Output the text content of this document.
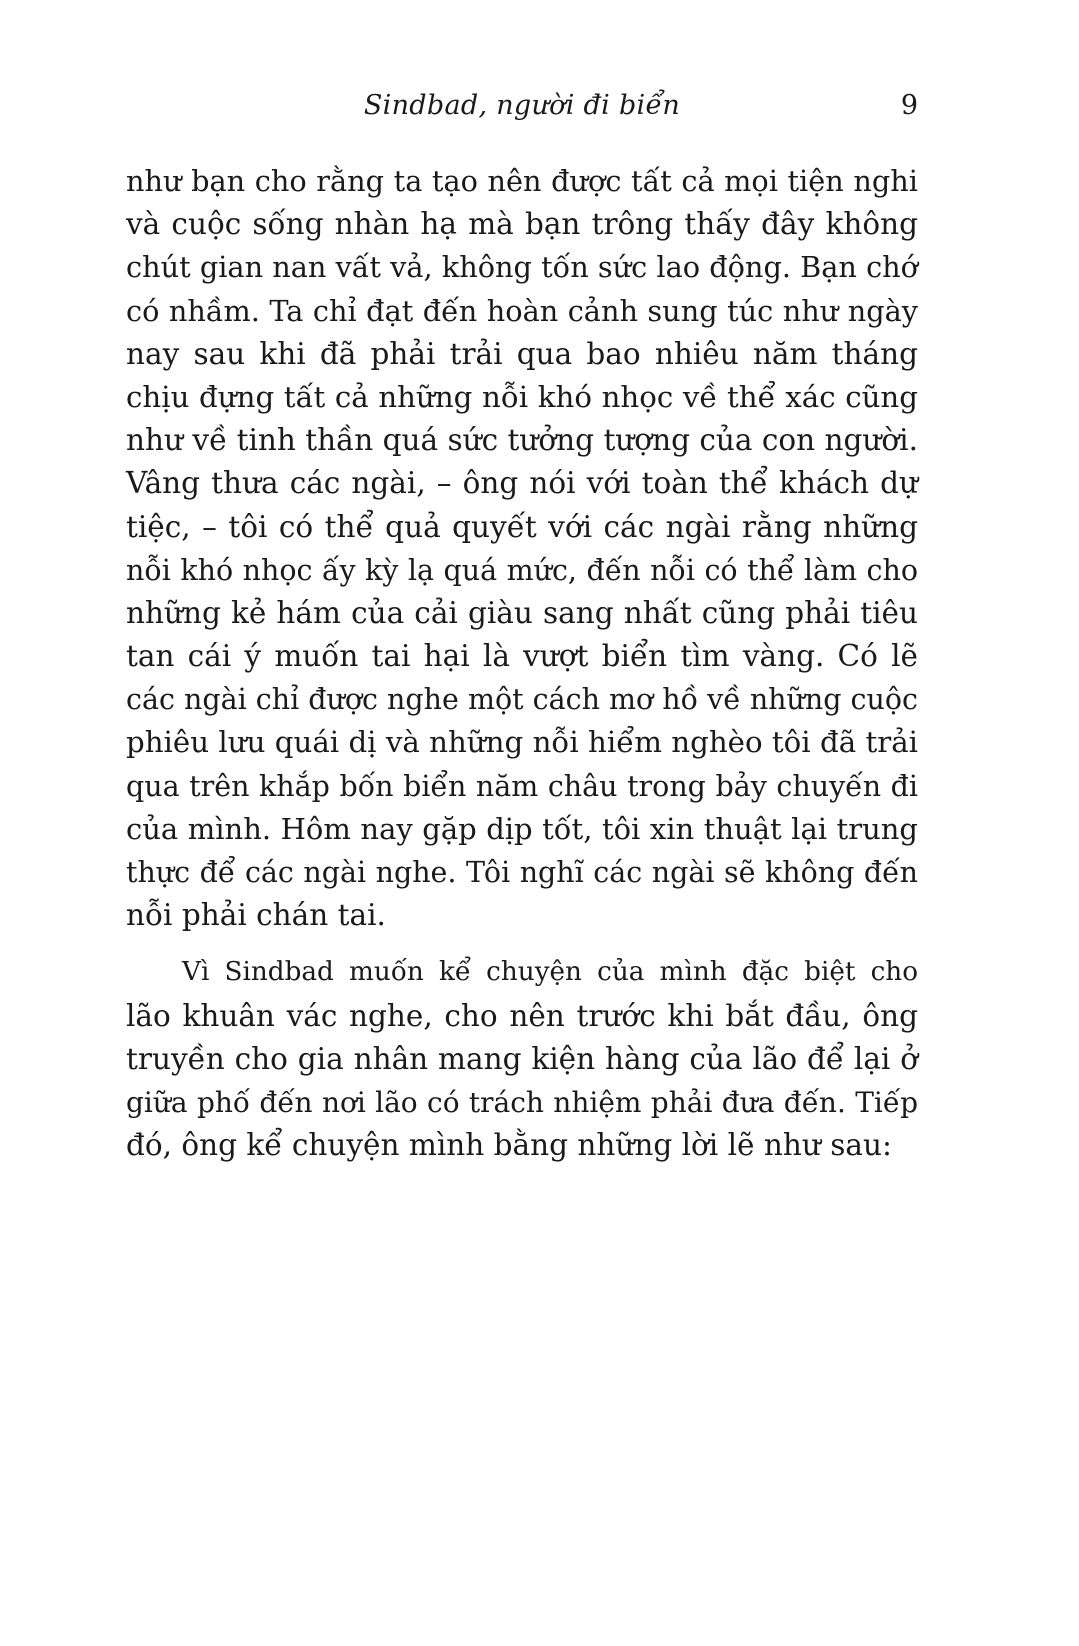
Sindbad, người đi biển	9
như bạn cho rằng ta tạo nên được tất cả mọi tiện nghi
và cuộc sống nhàn hạ mà bạn trông thấy đây không
chút gian nan vất vả, không tốn sức lao động. Bạn chớ
có nhầm. Ta chỉ đạt đến hoàn cảnh sung túc như ngày
nay sau khi đã phải trải qua bao nhiêu năm tháng
chịu đựng tất cả những nỗi khó nhọc về thể xác cũng
như về tinh thần quá sức tưởng tượng của con người.
Vâng thưa các ngài, – ông nói với toàn thể khách dự
tiệc, – tôi có thể quả quyết với các ngài rằng những
nỗi khó nhọc ấy kỳ lạ quá mức, đến nỗi có thể làm cho
những kẻ hám của cải giàu sang nhất cũng phải tiêu
tan cái ý muốn tai hại là vượt biển tìm vàng. Có lẽ
các ngài chỉ được nghe một cách mơ hồ về những cuộc
phiêu lưu quái dị và những nỗi hiểm nghèo tôi đã trải
qua trên khắp bốn biển năm châu trong bảy chuyến đi
của mình. Hôm nay gặp dịp tốt, tôi xin thuật lại trung
thực để các ngài nghe. Tôi nghĩ các ngài sẽ không đến
nỗi phải chán tai.
Vì Sindbad muốn kể chuyện của mình đặc biệt cho
lão khuân vác nghe, cho nên trước khi bắt đầu, ông
truyền cho gia nhân mang kiện hàng của lão để lại ở
giữa phố đến nơi lão có trách nhiệm phải đưa đến. Tiếp
đó, ông kể chuyện mình bằng những lời lẽ như sau:
